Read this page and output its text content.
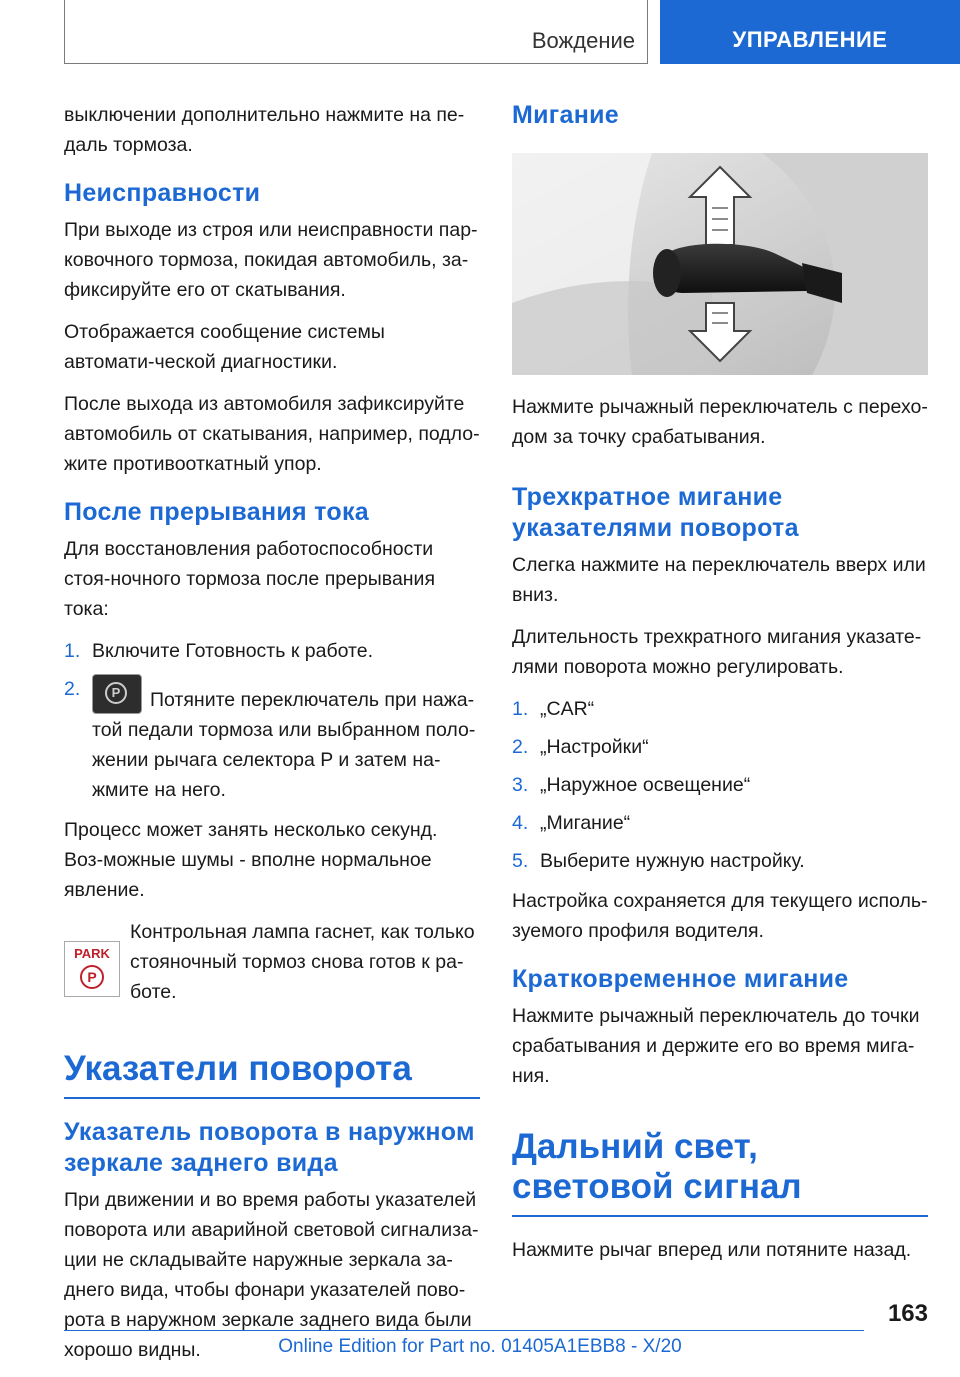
Вождение	УПРАВЛЕНИЕ

выключении дополнительно нажмите на пе-даль тормоза.

Неисправности

При выходе из строя или неисправности пар-ковочного тормоза, покидая автомобиль, за-фиксируйте его от скатывания.

Отображается сообщение системы автомати-ческой диагностики.

После выхода из автомобиля зафиксируйте автомобиль от скатывания, например, подло-жите противооткатный упор.

После прерывания тока

Для восстановления работоспособности стоя-ночного тормоза после прерывания тока:

1. Включите Готовность к работе.
2.	P	Потяните переключатель при нажа-той педали тормоза или выбранном поло-жении рычага селектора P и затем на-жмите на него.

Процесс может занять несколько секунд. Воз-можные шумы - вполне нормальное явление.

PARK
P

Контрольная лампа гаснет, как только стояночный тормоз снова готов к ра-боте.

Указатели поворота
Указатель поворота в наружном зеркале заднего вида

При движении и во время работы указателей поворота или аварийной световой сигнализа-ции не складывайте наружные зеркала за-днего вида, чтобы фонари указателей пово-рота в наружном зеркале заднего вида были хорошо видны.

Мигание

Нажмите рычажный переключатель с перехо-дом за точку срабатывания.

Трехкратное мигание указателями поворота

Слегка нажмите на переключатель вверх или вниз.

Длительность трехкратного мигания указате-лями поворота можно регулировать.

1. „CAR“
2. „Настройки“
3. „Наружное освещение“
4. „Мигание“
5. Выберите нужную настройку.

Настройка сохраняется для текущего исполь-зуемого профиля водителя.

Кратковременное мигание

Нажмите рычажный переключатель до точки срабатывания и держите его во время мига-ния.

Дальний свет, световой сигнал

Нажмите рычаг вперед или потяните назад.

163
Online Edition for Part no. 01405A1EBB8 - X/20
